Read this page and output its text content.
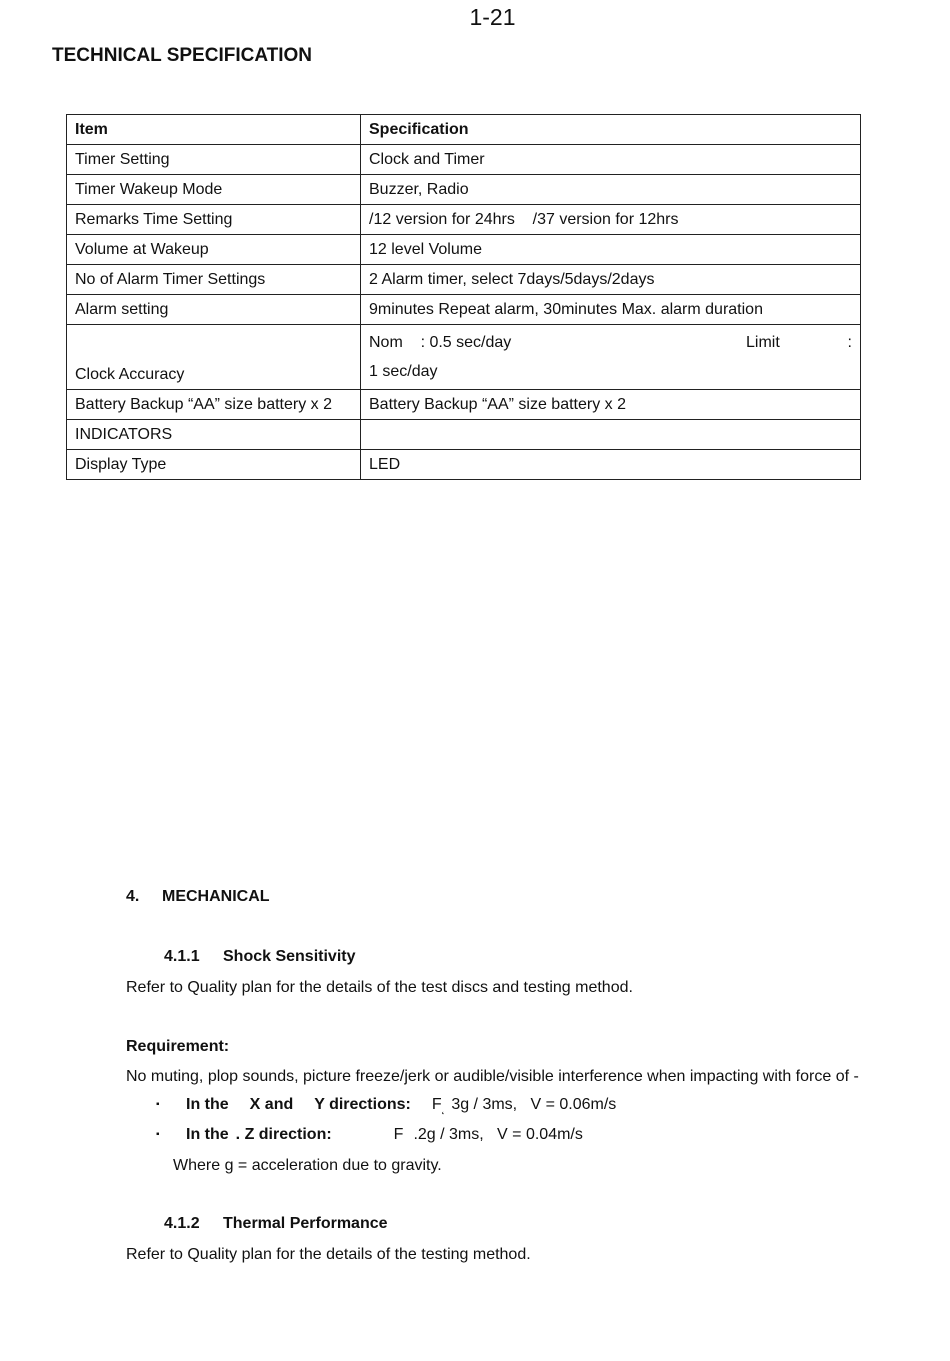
1-21
TECHNICAL SPECIFICATION
Item	Specification
Timer Setting	Clock and Timer
Timer Wakeup Mode	Buzzer, Radio
Remarks Time Setting	/12 version for 24hrs    /37 version for 12hrs
Volume at Wakeup	12 level Volume
No of Alarm Timer Settings	2 Alarm timer, select 7days/5days/2days
Alarm setting	9minutes Repeat alarm, 30minutes Max. alarm duration
Clock Accuracy	Nom    : 0.5 sec/day Limit :
1 sec/day

Battery Backup “AA” size battery x 2	Battery Backup “AA” size battery x 2
INDICATORS	
Display Type	LED
4. MECHANICAL
4.1.1 Shock Sensitivity
Refer to Quality plan for the details of the test discs and testing method.
Requirement:
No muting, plop sounds, picture freeze/jerk or audible/visible interference when impacting with force of -
▪ In the X and Y directions: F˛ 3g / 3ms,   V = 0.06m/s
▪ In the . Z direction:	F .2g / 3ms,   V = 0.04m/s
Where g = acceleration due to gravity.
4.1.2 Thermal Performance
Refer to Quality plan for the details of the testing method.
